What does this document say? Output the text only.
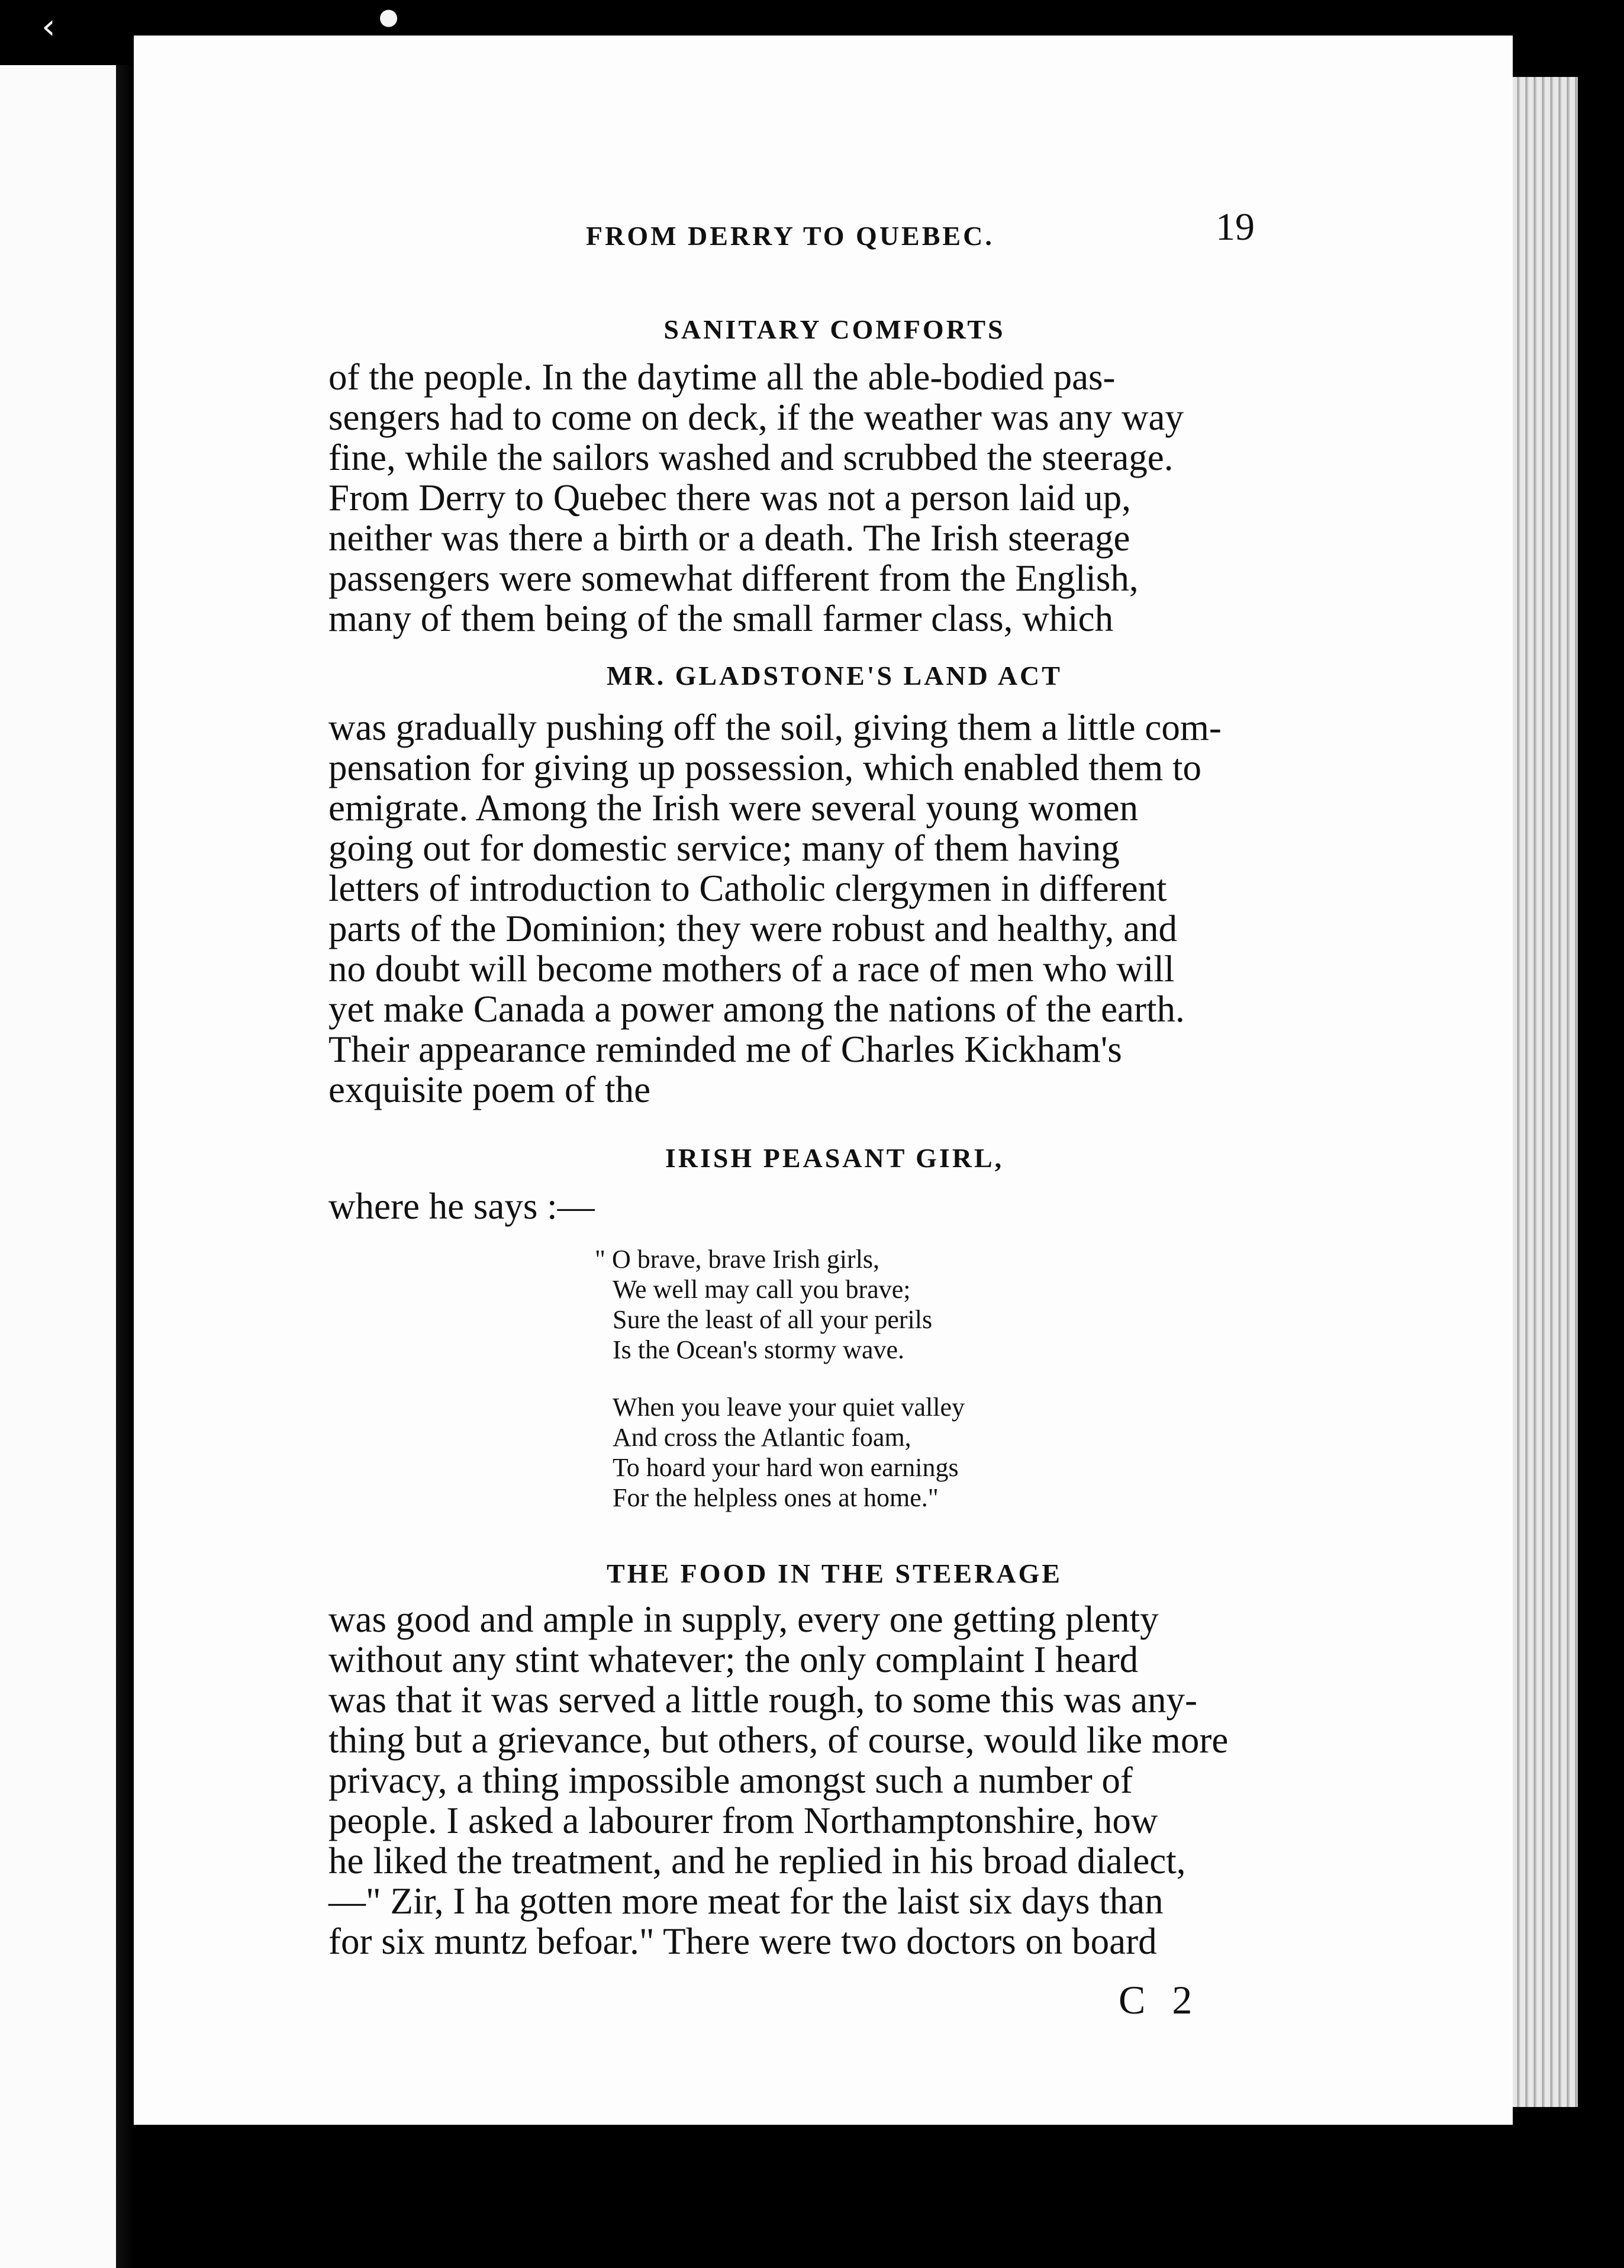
‹	●
FROM DERRY TO QUEBEC.	19
SANITARY COMFORTS
of the people. In the daytime all the able-bodied pas-
sengers had to come on deck, if the weather was any way
fine, while the sailors washed and scrubbed the steerage.
From Derry to Quebec there was not a person laid up,
neither was there a birth or a death. The Irish steerage
passengers were somewhat different from the English,
many of them being of the small farmer class, which
MR. GLADSTONE'S LAND ACT
was gradually pushing off the soil, giving them a little com-
pensation for giving up possession, which enabled them to
emigrate. Among the Irish were several young women
going out for domestic service; many of them having
letters of introduction to Catholic clergymen in different
parts of the Dominion; they were robust and healthy, and
no doubt will become mothers of a race of men who will
yet make Canada a power among the nations of the earth.
Their appearance reminded me of Charles Kickham's
exquisite poem of the
IRISH PEASANT GIRL,
where he says :—
" O brave, brave Irish girls,
We well may call you brave;
Sure the least of all your perils
Is the Ocean's stormy wave.
When you leave your quiet valley
And cross the Atlantic foam,
To hoard your hard won earnings
For the helpless ones at home."
THE FOOD IN THE STEERAGE
was good and ample in supply, every one getting plenty
without any stint whatever; the only complaint I heard
was that it was served a little rough, to some this was any-
thing but a grievance, but others, of course, would like more
privacy, a thing impossible amongst such a number of
people. I asked a labourer from Northamptonshire, how
he liked the treatment, and he replied in his broad dialect,
—" Zir, I ha gotten more meat for the laist six days than
for six muntz befoar." There were two doctors on board
C 2
